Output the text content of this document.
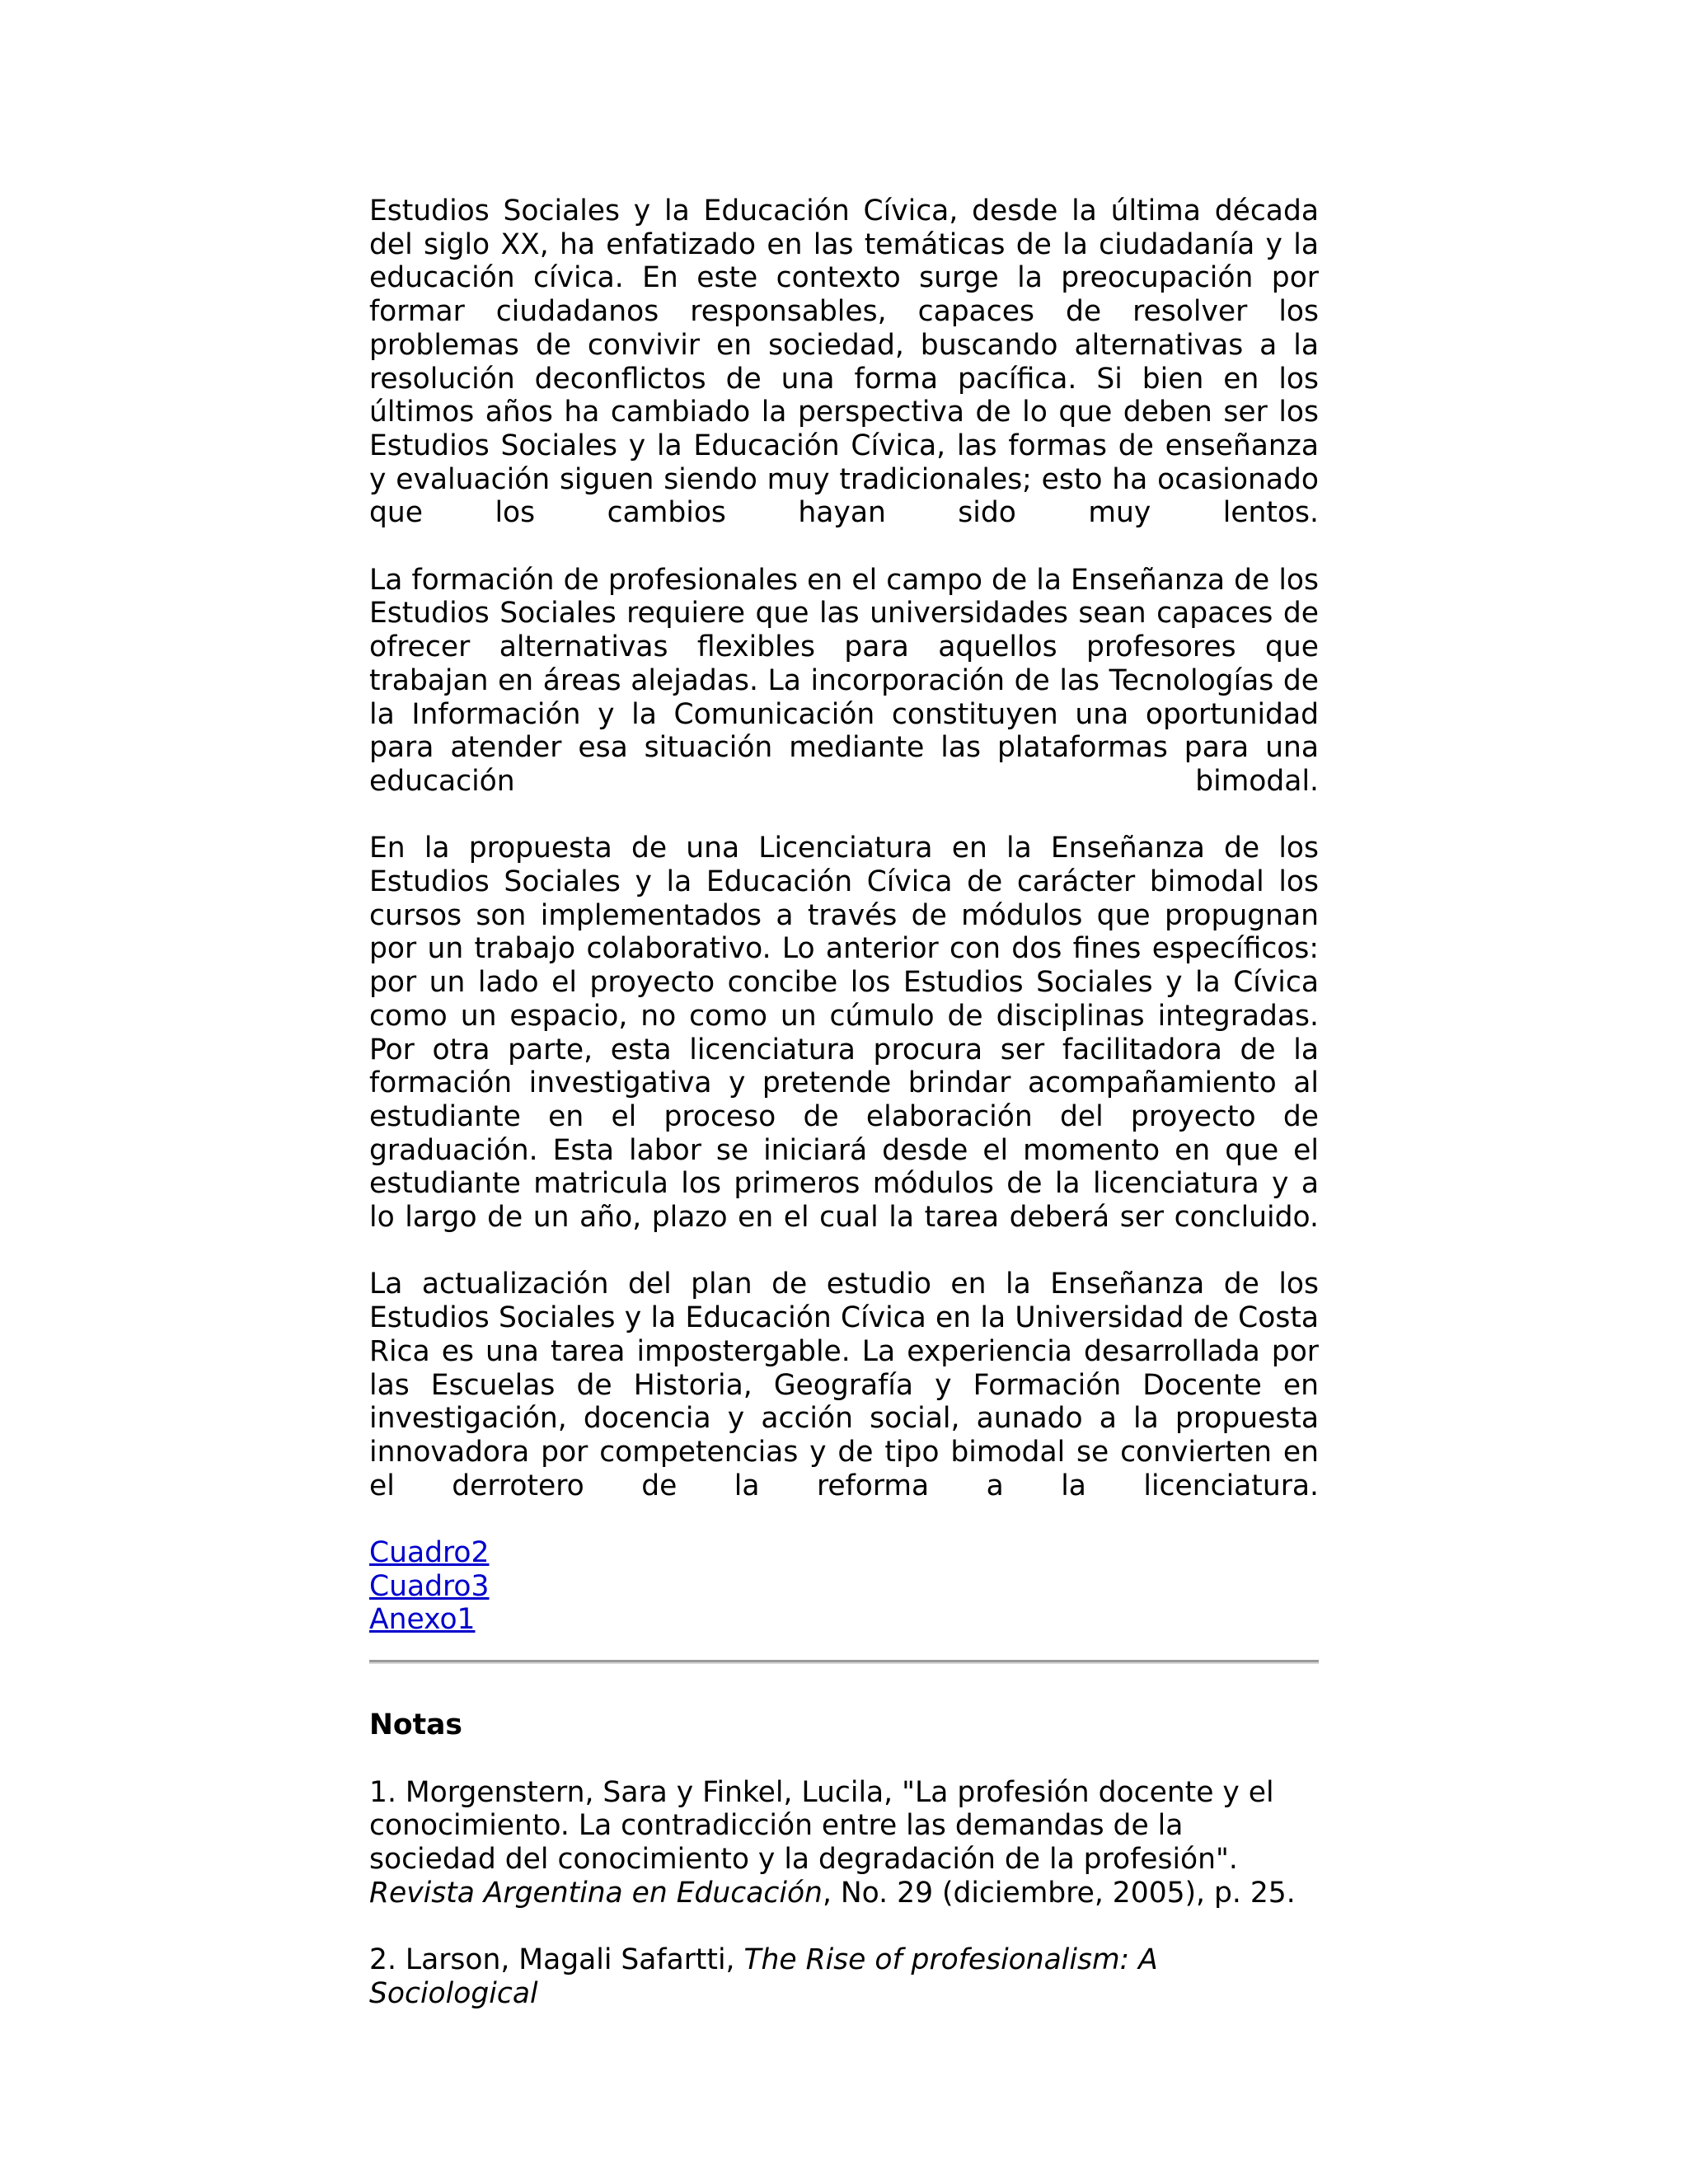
Estudios Sociales y la Educación Cívica, desde la última década del siglo XX, ha enfatizado en las temáticas de la ciudadanía y la educación cívica. En este contexto surge la preocupación por formar ciudadanos responsables, capaces de resolver los problemas de convivir en sociedad, buscando alternativas a la resolución deconflictos de una forma pacífica. Si bien en los últimos años ha cambiado la perspectiva de lo que deben ser los Estudios Sociales y la Educación Cívica, las formas de enseñanza y evaluación siguen siendo muy tradicionales; esto ha ocasionado que los cambios hayan sido muy lentos.

La formación de profesionales en el campo de la Enseñanza de los Estudios Sociales requiere que las universidades sean capaces de ofrecer alternativas flexibles para aquellos profesores que trabajan en áreas alejadas. La incorporación de las Tecnologías de la Información y la Comunicación constituyen una oportunidad para atender esa situación mediante las plataformas para una educación bimodal.

En la propuesta de una Licenciatura en la Enseñanza de los Estudios Sociales y la Educación Cívica de carácter bimodal los cursos son implementados a través de módulos que propugnan por un trabajo colaborativo. Lo anterior con dos fines específicos: por un lado el proyecto concibe los Estudios Sociales y la Cívica como un espacio, no como un cúmulo de disciplinas integradas. Por otra parte, esta licenciatura procura ser facilitadora de la formación investigativa y pretende brindar acompañamiento al estudiante en el proceso de elaboración del proyecto de graduación. Esta labor se iniciará desde el momento en que el estudiante matricula los primeros módulos de la licenciatura y a lo largo de un año, plazo en el cual la tarea deberá ser concluido.

La actualización del plan de estudio en la Enseñanza de los Estudios Sociales y la Educación Cívica en la Universidad de Costa Rica es una tarea impostergable. La experiencia desarrollada por las Escuelas de Historia, Geografía y Formación Docente en investigación, docencia y acción social, aunado a la propuesta innovadora por competencias y de tipo bimodal se convierten en el derrotero de la reforma a la licenciatura.

Cuadro2
Cuadro3
Anexo1
Notas

1. Morgenstern, Sara y Finkel, Lucila, "La profesión docente y el conocimiento. La contradicción entre las demandas de la sociedad del conocimiento y la degradación de la profesión". Revista Argentina en Educación, No. 29 (diciembre, 2005), p. 25.

2. Larson, Magali Safartti, The Rise of profesionalism: A Sociological
